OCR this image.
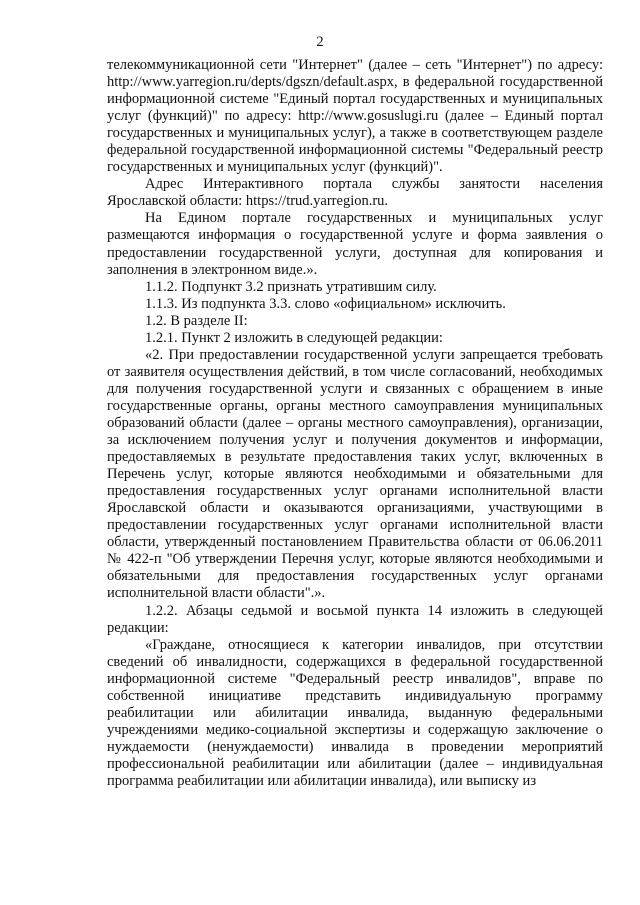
2

телекоммуникационной сети "Интернет" (далее – сеть "Интернет") по адресу: http://www.yarregion.ru/depts/dgszn/default.aspx, в федеральной государственной информационной системе "Единый портал государственных и муниципальных услуг (функций)" по адресу: http://www.gosuslugi.ru (далее – Единый портал государственных и муниципальных услуг), а также в соответствующем разделе федеральной государственной информационной системы "Федеральный реестр государственных и муниципальных услуг (функций)".

Адрес Интерактивного портала службы занятости населения Ярославской области: https://trud.yarregion.ru.

На Едином портале государственных и муниципальных услуг размещаются информация о государственной услуге и форма заявления о предоставлении государственной услуги, доступная для копирования и заполнения в электронном виде.».

1.1.2. Подпункт 3.2 признать утратившим силу.

1.1.3. Из подпункта 3.3. слово «официальном» исключить.

1.2. В разделе II:

1.2.1. Пункт 2 изложить в следующей редакции:

«2. При предоставлении государственной услуги запрещается требовать от заявителя осуществления действий, в том числе согласований, необходимых для получения государственной услуги и связанных с обращением в иные государственные органы, органы местного самоуправления муниципальных образований области (далее – органы местного самоуправления), организации, за исключением получения услуг и получения документов и информации, предоставляемых в результате предоставления таких услуг, включенных в Перечень услуг, которые являются необходимыми и обязательными для предоставления государственных услуг органами исполнительной власти Ярославской области и оказываются организациями, участвующими в предоставлении государственных услуг органами исполнительной власти области, утвержденный постановлением Правительства области от 06.06.2011 № 422-п "Об утверждении Перечня услуг, которые являются необходимыми и обязательными для предоставления государственных услуг органами исполнительной власти области".».

1.2.2. Абзацы седьмой и восьмой пункта 14 изложить в следующей редакции:

«Граждане, относящиеся к категории инвалидов, при отсутствии сведений об инвалидности, содержащихся в федеральной государственной информационной системе "Федеральный реестр инвалидов", вправе по собственной инициативе представить индивидуальную программу реабилитации или абилитации инвалида, выданную федеральными учреждениями медико-социальной экспертизы и содержащую заключение о нуждаемости (ненуждаемости) инвалида в проведении мероприятий профессиональной реабилитации или абилитации (далее – индивидуальная программа реабилитации или абилитации инвалида), или выписку из
